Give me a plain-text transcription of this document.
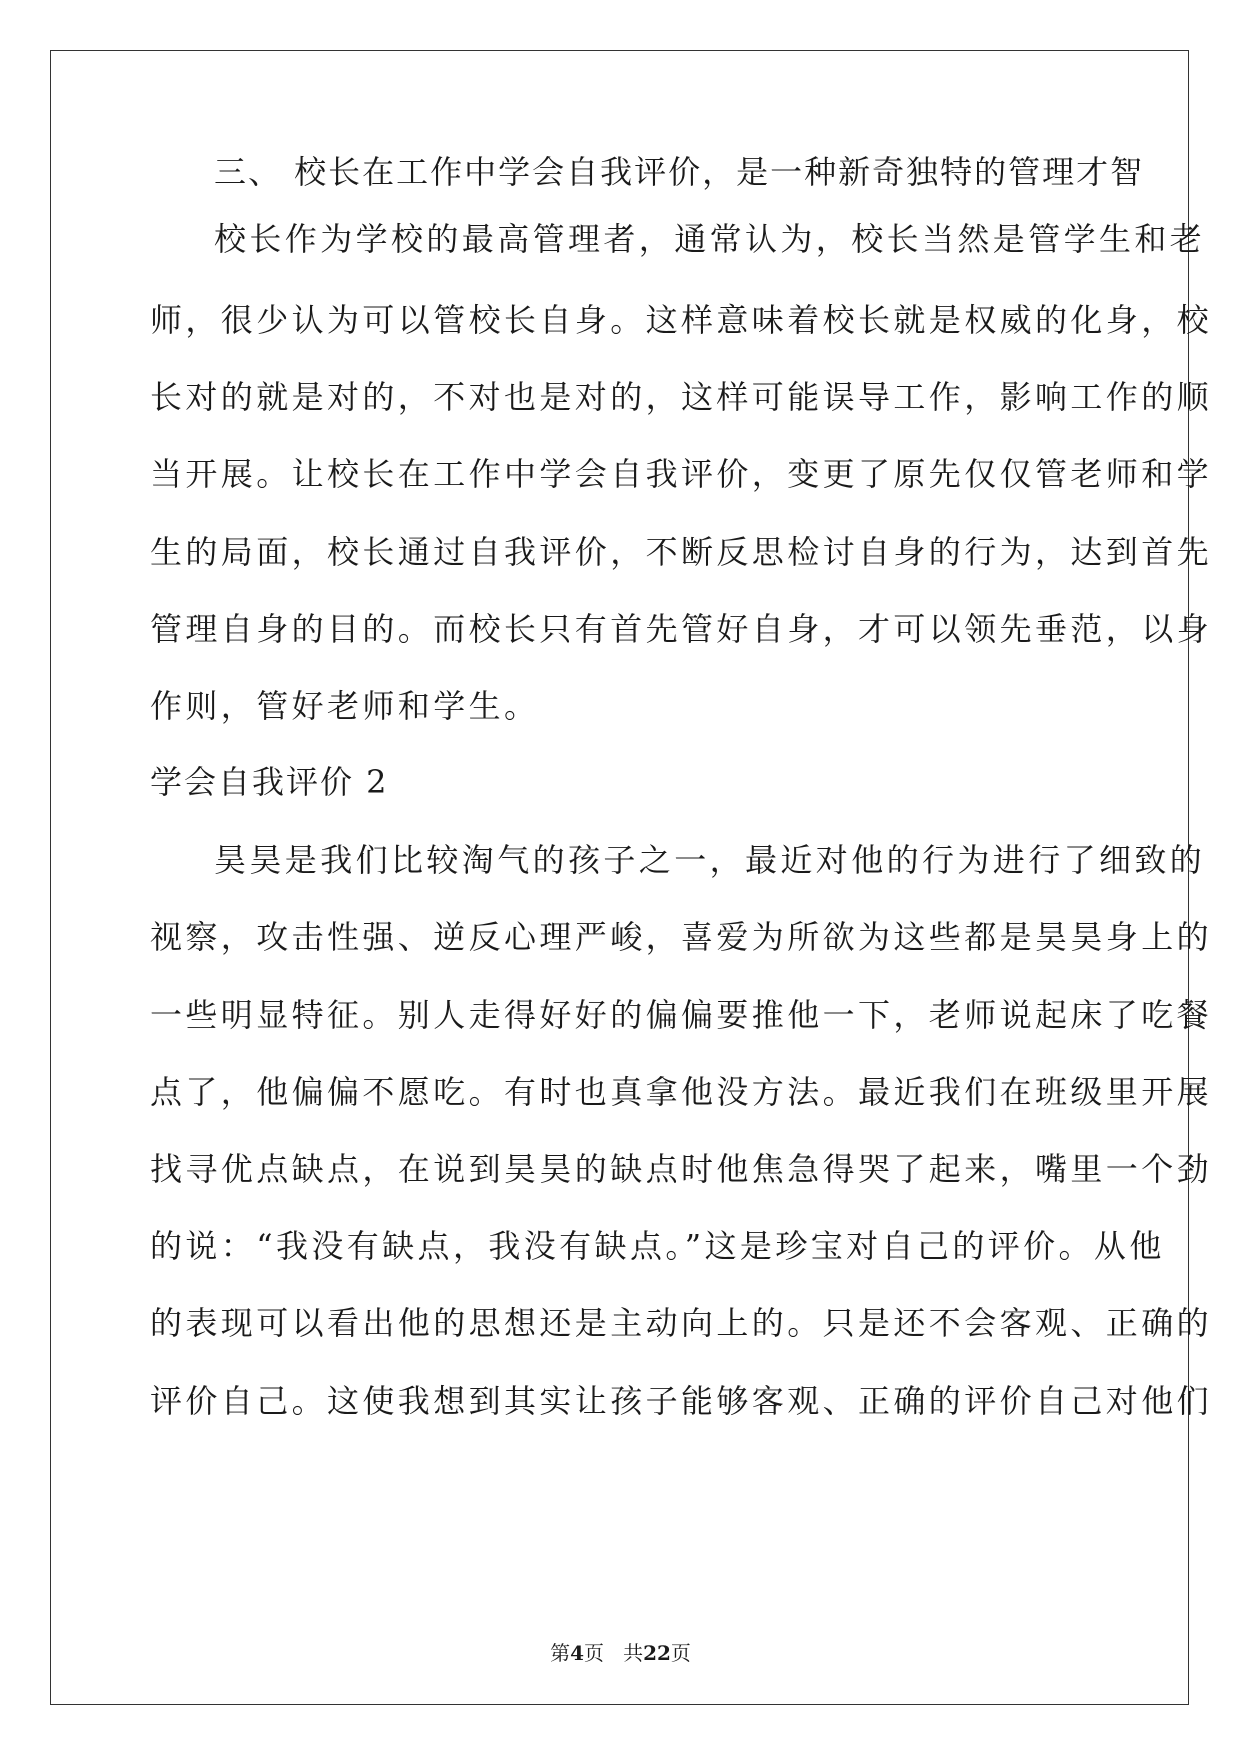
三、 校长在工作中学会自我评价，是一种新奇独特的管理才智
校长作为学校的最高管理者，通常认为，校长当然是管学生和老
师，很少认为可以管校长自身。这样意味着校长就是权威的化身，校
长对的就是对的，不对也是对的，这样可能误导工作，影响工作的顺
当开展。让校长在工作中学会自我评价，变更了原先仅仅管老师和学
生的局面，校长通过自我评价，不断反思检讨自身的行为，达到首先
管理自身的目的。而校长只有首先管好自身，才可以领先垂范，以身
作则，管好老师和学生。
学会自我评价 2
昊昊是我们比较淘气的孩子之一，最近对他的行为进行了细致的
视察，攻击性强、逆反心理严峻，喜爱为所欲为这些都是昊昊身上的
一些明显特征。别人走得好好的偏偏要推他一下，老师说起床了吃餐
点了，他偏偏不愿吃。有时也真拿他没方法。最近我们在班级里开展
找寻优点缺点，在说到昊昊的缺点时他焦急得哭了起来，嘴里一个劲
的说：“我没有缺点，我没有缺点。”这是珍宝对自己的评价。从他
的表现可以看出他的思想还是主动向上的。只是还不会客观、正确的
评价自己。这使我想到其实让孩子能够客观、正确的评价自己对他们
第4页 共22页
